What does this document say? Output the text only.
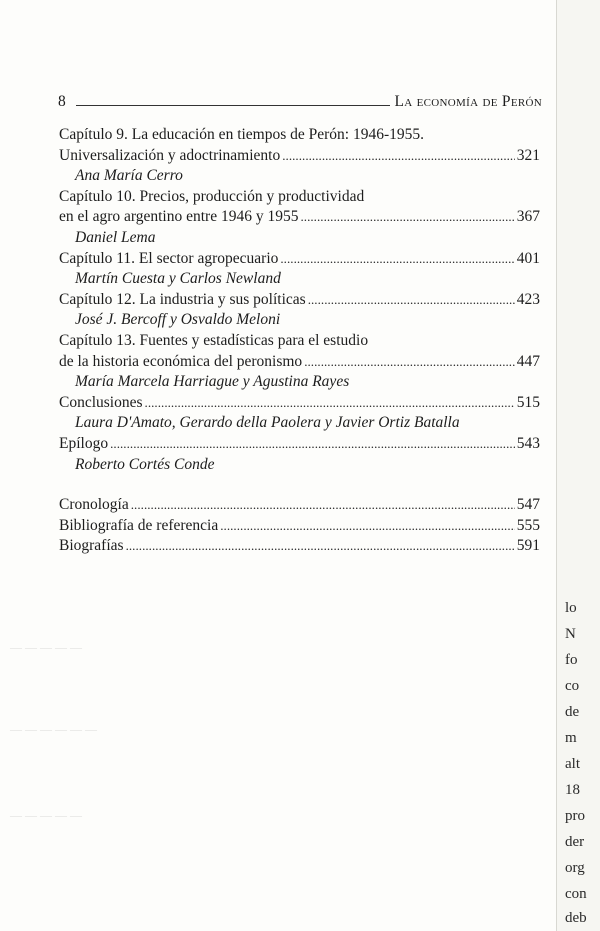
8	La economía de Perón
Capítulo 9. La educación en tiempos de Perón: 1946-1955.
Universalización y adoctrinamiento . . .	321
Ana María Cerro
Capítulo 10. Precios, producción y productividad
en el agro argentino entre 1946 y 1955 . . .	367
Daniel Lema
Capítulo 11. El sector agropecuario . . .	401
Martín Cuesta y Carlos Newland
Capítulo 12. La industria y sus políticas . . .	423
José J. Bercoff y Osvaldo Meloni
Capítulo 13. Fuentes y estadísticas para el estudio
de la historia económica del peronismo . . .	447
María Marcela Harriague y Agustina Rayes
Conclusiones . . .	515
Laura D'Amato, Gerardo della Paolera y Javier Ortiz Batalla
Epílogo . . .	543
Roberto Cortés Conde
Cronología . . .	547
Bibliografía de referencia . . .	555
Biografías . . .	591
— — — — —
— — — — — —
— — — — —
lo
N
fo
co
de
m
alt
18
pro
der
org
con
deb
